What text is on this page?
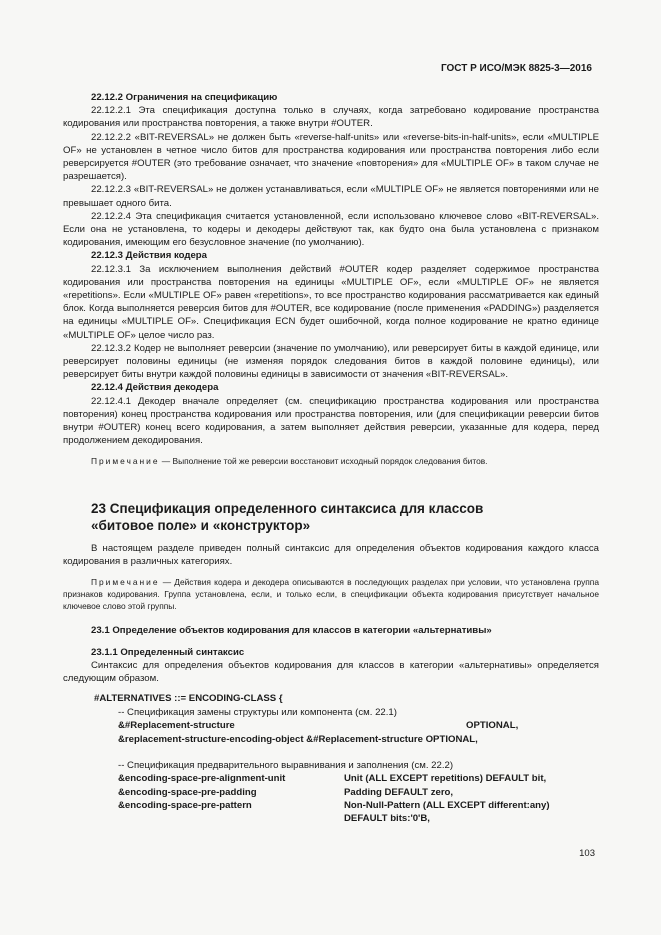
ГОСТ Р ИСО/МЭК 8825-3—2016

22.12.2 Ограничения на спецификацию

22.12.2.1 Эта спецификация доступна только в случаях, когда затребовано кодирование пространства кодирования или пространства повторения, а также внутри #OUTER.

22.12.2.2 «BIT-REVERSAL» не должен быть «reverse-half-units» или «reverse-bits-in-half-units», если «MULTIPLE OF» не установлен в четное число битов для пространства кодирования или пространства повторения либо если реверсируется #OUTER (это требование означает, что значение «повторения» для «MULTIPLE OF» в таком случае не разрешается).

22.12.2.3 «BIT-REVERSAL» не должен устанавливаться, если «MULTIPLE OF» не является повторениями или не превышает одного бита.

22.12.2.4 Эта спецификация считается установленной, если использовано ключевое слово «BIT-REVERSAL». Если она не установлена, то кодеры и декодеры действуют так, как будто она была установлена с признаком кодирования, имеющим его безусловное значение (по умолчанию).

22.12.3 Действия кодера

22.12.3.1 За исключением выполнения действий #OUTER кодер разделяет содержимое пространства кодирования или пространства повторения на единицы «MULTIPLE OF», если «MULTIPLE OF» не является «repetitions». Если «MULTIPLE OF» равен «repetitions», то все пространство кодирования рассматривается как единый блок. Когда выполняется реверсия битов для #OUTER, все кодирование (после применения «PADDING») разделяется на единицы «MULTIPLE OF». Спецификация ECN будет ошибочной, когда полное кодирование не кратно единице «MULTIPLE OF» целое число раз.

22.12.3.2 Кодер не выполняет реверсии (значение по умолчанию), или реверсирует биты в каждой единице, или реверсирует половины единицы (не изменяя порядок следования битов в каждой половине единицы), или реверсирует биты внутри каждой половины единицы в зависимости от значения «BIT-REVERSAL».

22.12.4 Действия декодера

22.12.4.1 Декодер вначале определяет (см. спецификацию пространства кодирования или пространства повторения) конец пространства кодирования или пространства повторения, или (для спецификации реверсии битов внутри #OUTER) конец всего кодирования, а затем выполняет действия реверсии, указанные для кодера, перед продолжением декодирования.

Примечание — Выполнение той же реверсии восстановит исходный порядок следования битов.

23 Спецификация определенного синтаксиса для классов
«битовое поле» и «конструктор»

В настоящем разделе приведен полный синтаксис для определения объектов кодирования каждого класса кодирования в различных категориях.

Примечание — Действия кодера и декодера описываются в последующих разделах при условии, что установлена группа признаков кодирования. Группа установлена, если, и только если, в спецификации объекта кодирования присутствует начальное ключевое слово этой группы.

23.1 Определение объектов кодирования для классов в категории «альтернативы»

23.1.1 Определенный синтаксис

Синтаксис для определения объектов кодирования для классов в категории «альтернативы» определяется следующим образом.

#ALTERNATIVES ::= ENCODING-CLASS {
-- Спецификация замены структуры или компонента (см. 22.1)
&#Replacement-structure	OPTIONAL,
&replacement-structure-encoding-object &#Replacement-structure OPTIONAL,
-- Спецификация предварительного выравнивания и заполнения (см. 22.2)
&encoding-space-pre-alignment-unit	Unit (ALL EXCEPT repetitions) DEFAULT bit,
&encoding-space-pre-padding	Padding DEFAULT zero,
&encoding-space-pre-pattern	Non-Null-Pattern (ALL EXCEPT different:any)
DEFAULT bits:'0'B,
103
